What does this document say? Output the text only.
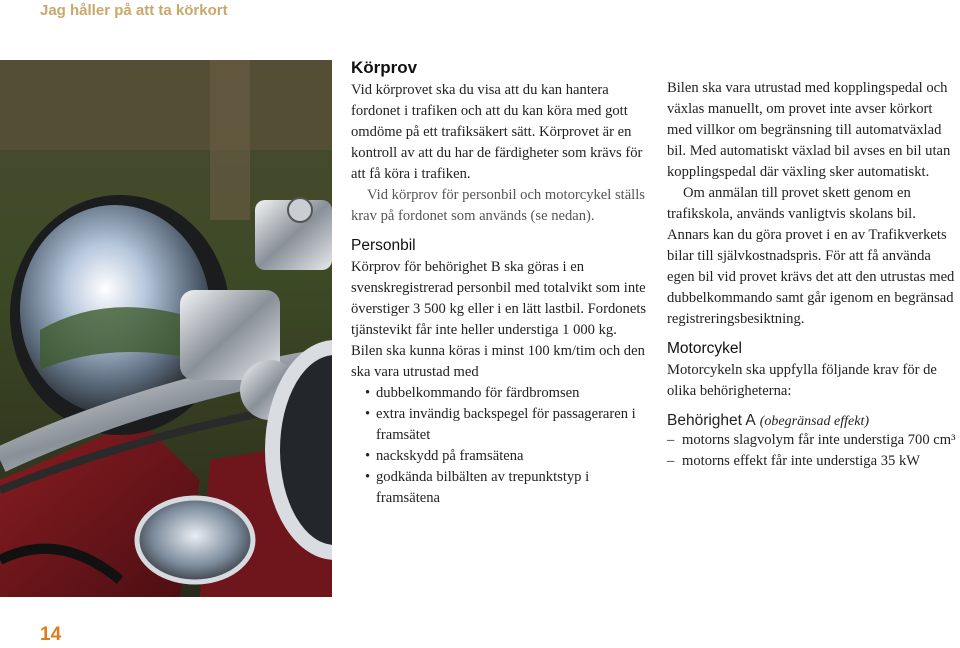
Jag håller på att ta körkort
Körprov

Vid körprovet ska du visa att du kan hantera fordonet i trafiken och att du kan köra med gott omdöme på ett trafiksäkert sätt. Körprovet är en kontroll av att du har de färdigheter som krävs för att få köra i trafiken.

Vid körprov för personbil och motorcykel ställs krav på fordonet som används (se nedan).

Personbil

Körprov för behörighet B ska göras i en svenskregistrerad personbil med totalvikt som inte överstiger 3 500 kg eller i en lätt lastbil. Fordonets tjänstevikt får inte heller understiga 1 000 kg. Bilen ska kunna köras i minst 100 km/tim och den ska vara utrustad med

• dubbelkommando för färdbromsen
• extra invändig backspegel för passageraren i framsätet
• nackskydd på framsätena
• godkända bilbälten av trepunktstyp i framsätena

Bilen ska vara utrustad med kopplingspedal och växlas manuellt, om provet inte avser körkort med villkor om begränsning till automatväxlad bil. Med automatiskt växlad bil avses en bil utan kopplingspedal där växling sker automatiskt.

Om anmälan till provet skett genom en trafikskola, används vanligtvis skolans bil. Annars kan du göra provet i en av Trafikverkets bilar till självkostnadspris. För att få använda egen bil vid provet krävs det att den utrustas med dubbelkommando samt går igenom en begränsad registreringsbesiktning.

Motorcykel

Motorcykeln ska uppfylla följande krav för de olika behörigheterna:

Behörighet A (obegränsad effekt)
– motorns slagvolym får inte understiga 700 cm³
– motorns effekt får inte understiga 35 kW
14
